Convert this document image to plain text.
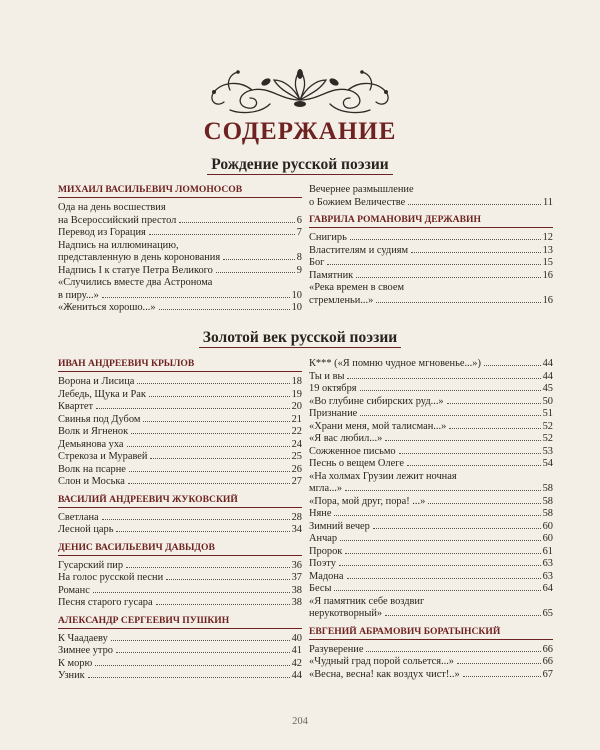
СОДЕРЖАНИЕ
Рождение русской поэзии
МИХАИЛ ВАСИЛЬЕВИЧ ЛОМОНОСОВ
Ода на день восшествия
на Всероссийский престол	6
Перевод из Горация	7
Надпись на иллюминацию,
представленную в день коронования	8
Надпись I к статуе Петра Великого	9
«Случились вместе два Астронома
в пиру...»	10
«Жениться хорошо...»	10
Вечернее размышление
о Божием Величестве	11
ГАВРИЛА РОМАНОВИЧ ДЕРЖАВИН
Снигирь	12
Властителям и судиям	13
Бог	15
Памятник	16
«Река времен в своем
стремленьи...»	16
Золотой век русской поэзии
ИВАН АНДРЕЕВИЧ КРЫЛОВ
Ворона и Лисица	18
Лебедь, Щука и Рак	19
Квартет	20
Свинья под Дубом	21
Волк и Ягненок	22
Демьянова уха	24
Стрекоза и Муравей	25
Волк на псарне	26
Слон и Моська	27
ВАСИЛИЙ АНДРЕЕВИЧ ЖУКОВСКИЙ
Светлана	28
Лесной царь	34
ДЕНИС ВАСИЛЬЕВИЧ ДАВЫДОВ
Гусарский пир	36
На голос русской песни	37
Романс	38
Песня старого гусара	38
АЛЕКСАНДР СЕРГЕЕВИЧ ПУШКИН
К Чаадаеву	40
Зимнее утро	41
К морю	42
Узник	44
К*** («Я помню чудное мгновенье...»)	44
Ты и вы	44
19 октября	45
«Во глубине сибирских руд...»	50
Признание	51
«Храни меня, мой талисман...»	52
«Я вас любил...»	52
Сожженное письмо	53
Песнь о вещем Олеге	54
«На холмах Грузии лежит ночная
мгла...»	58
«Пора, мой друг, пора! ...»	58
Няне	58
Зимний вечер	60
Анчар	60
Пророк	61
Поэту	63
Мадона	63
Бесы	64
«Я памятник себе воздвиг
нерукотворный»	65
ЕВГЕНИЙ АБРАМОВИЧ БОРАТЫНСКИЙ
Разуверение	66
«Чудный град порой сольется...»	66
«Весна, весна! как воздух чист!..»	67
204
